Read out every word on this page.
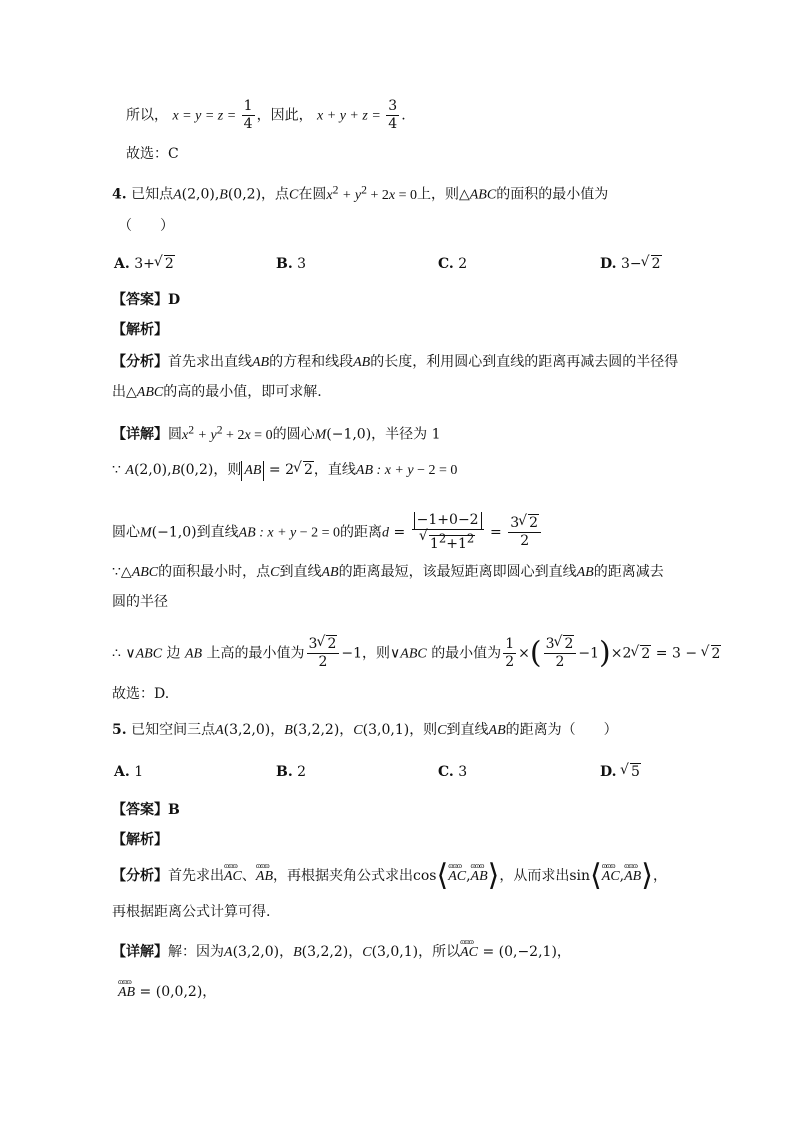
所以， $x = y = z = \frac{1}{4}$ ，因此， $x + y + z = \frac{3}{4}$ .
故选：C
4. 已知点A(2,0),B(0,2)，点C在圆$x^2 + y^2 + 2x = 0$上，则△ABC的面积的最小值为
（　　）
A. 3+√ 2	B. 3	C. 2	D. 3−√ 2
【答案】D
【解析】
【分析】首先求出直线AB的方程和线段AB的长度，利用圆心到直线的距离再减去圆的半径得
出△ABC的高的最小值，即可求解.
【详解】圆$x^2 + y^2 + 2x = 0$的圆心M(−1,0)，半径为 1
∵ A(2,0),B(0,2)，则 AB = 2√ 2，直线AB : x + y − 2 = 0
圆心M(−1,0)到直线AB : x + y − 2 = 0的距离d = −1+0−2
√ $1^2+1^2 = \frac{3√ 2}{2}$
∵△ABC的面积最小时，点C到直线AB的距离最短，该最短距离即圆心到直线AB的距离减去
圆的半径
∴ ∨ABC 边 AB 上高的最小值为 $\frac{3√ 2}{2} -1$，则∨ABC 的最小值为 $\frac{1}{2}$ ×( $\frac{3√ 2}{2} -1)\times 2√$ 2 = 3 − √ 2
故选：D.
5. 已知空间三点A(3,2,0)，B(3,2,2)，C(3,0,1)，则C到直线AB的距离为（　　）
A. 1	B. 2	C. 3	D. √ 5
【答案】B
【解析】
【分析】首先求出ɷɷɷ AC、ɷɷɷ AB，再根据夹角公式求出cos⟨ɷɷɷ AC,ɷɷɷ AB⟩，从而求出sin⟨ɷɷɷ AC,ɷɷɷ AB⟩，
再根据距离公式计算可得.
【详解】解：因为A(3,2,0)，B(3,2,2)，C(3,0,1)，所以ɷɷɷ AC = (0,−2,1)，
ɷɷɷ AB = (0,0,2)，
